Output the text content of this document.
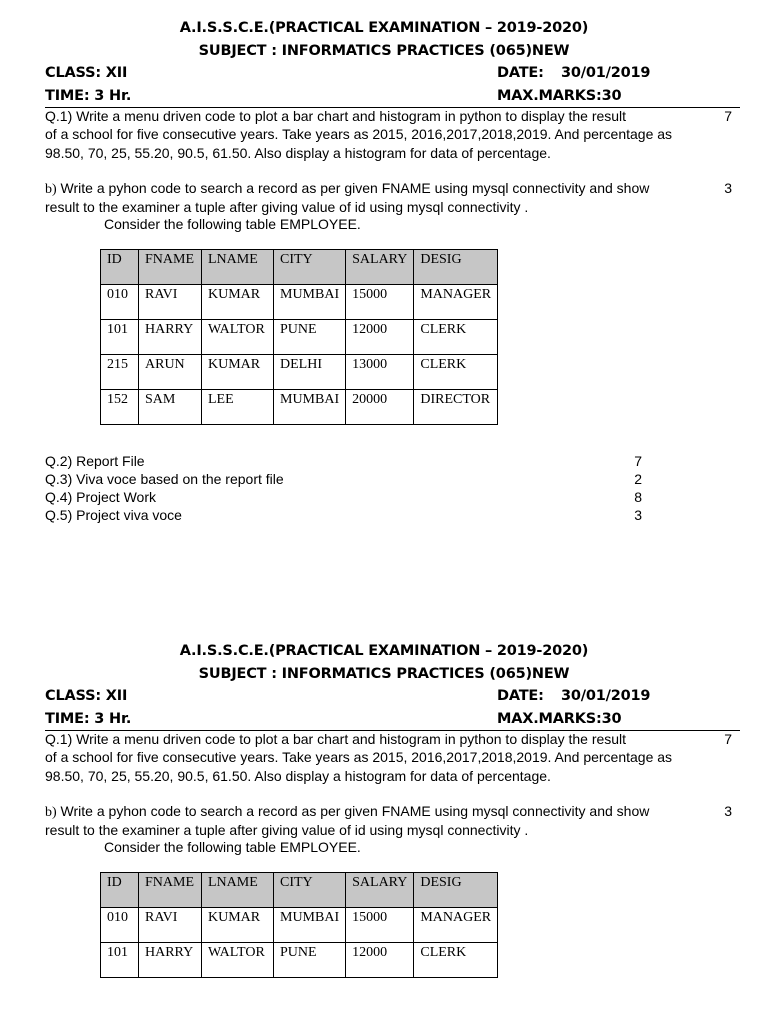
A.I.S.S.C.E.(PRACTICAL EXAMINATION – 2019-2020)
SUBJECT : INFORMATICS PRACTICES (065)NEW
CLASS: XII	DATE: 30/01/2019
TIME: 3 Hr.	MAX.MARKS:30
Q.1) Write a menu driven code to plot a bar chart and histogram in python to display the result	7
of a school for five consecutive years. Take years as 2015, 2016,2017,2018,2019. And percentage as
98.50, 70, 25, 55.20, 90.5, 61.50. Also display a histogram for data of percentage.
b) Write a pyhon code to search a record as per given FNAME using mysql connectivity and show	3
result to the examiner a tuple after giving value of id using mysql connectivity .
Consider the following table EMPLOYEE.
ID	FNAME	LNAME	CITY	SALARY	DESIG
010	RAVI	KUMAR	MUMBAI	15000	MANAGER
101	HARRY	WALTOR	PUNE	12000	CLERK
215	ARUN	KUMAR	DELHI	13000	CLERK
152	SAM	LEE	MUMBAI	20000	DIRECTOR
Q.2) Report File	7
Q.3) Viva voce based on the report file	2
Q.4) Project Work	8
Q.5) Project viva voce	3
A.I.S.S.C.E.(PRACTICAL EXAMINATION – 2019-2020)
SUBJECT : INFORMATICS PRACTICES (065)NEW
CLASS: XII	DATE: 30/01/2019
TIME: 3 Hr.	MAX.MARKS:30
Q.1) Write a menu driven code to plot a bar chart and histogram in python to display the result	7
of a school for five consecutive years. Take years as 2015, 2016,2017,2018,2019. And percentage as
98.50, 70, 25, 55.20, 90.5, 61.50. Also display a histogram for data of percentage.
b) Write a pyhon code to search a record as per given FNAME using mysql connectivity and show	3
result to the examiner a tuple after giving value of id using mysql connectivity .
Consider the following table EMPLOYEE.
ID	FNAME	LNAME	CITY	SALARY	DESIG
010	RAVI	KUMAR	MUMBAI	15000	MANAGER
101	HARRY	WALTOR	PUNE	12000	CLERK
